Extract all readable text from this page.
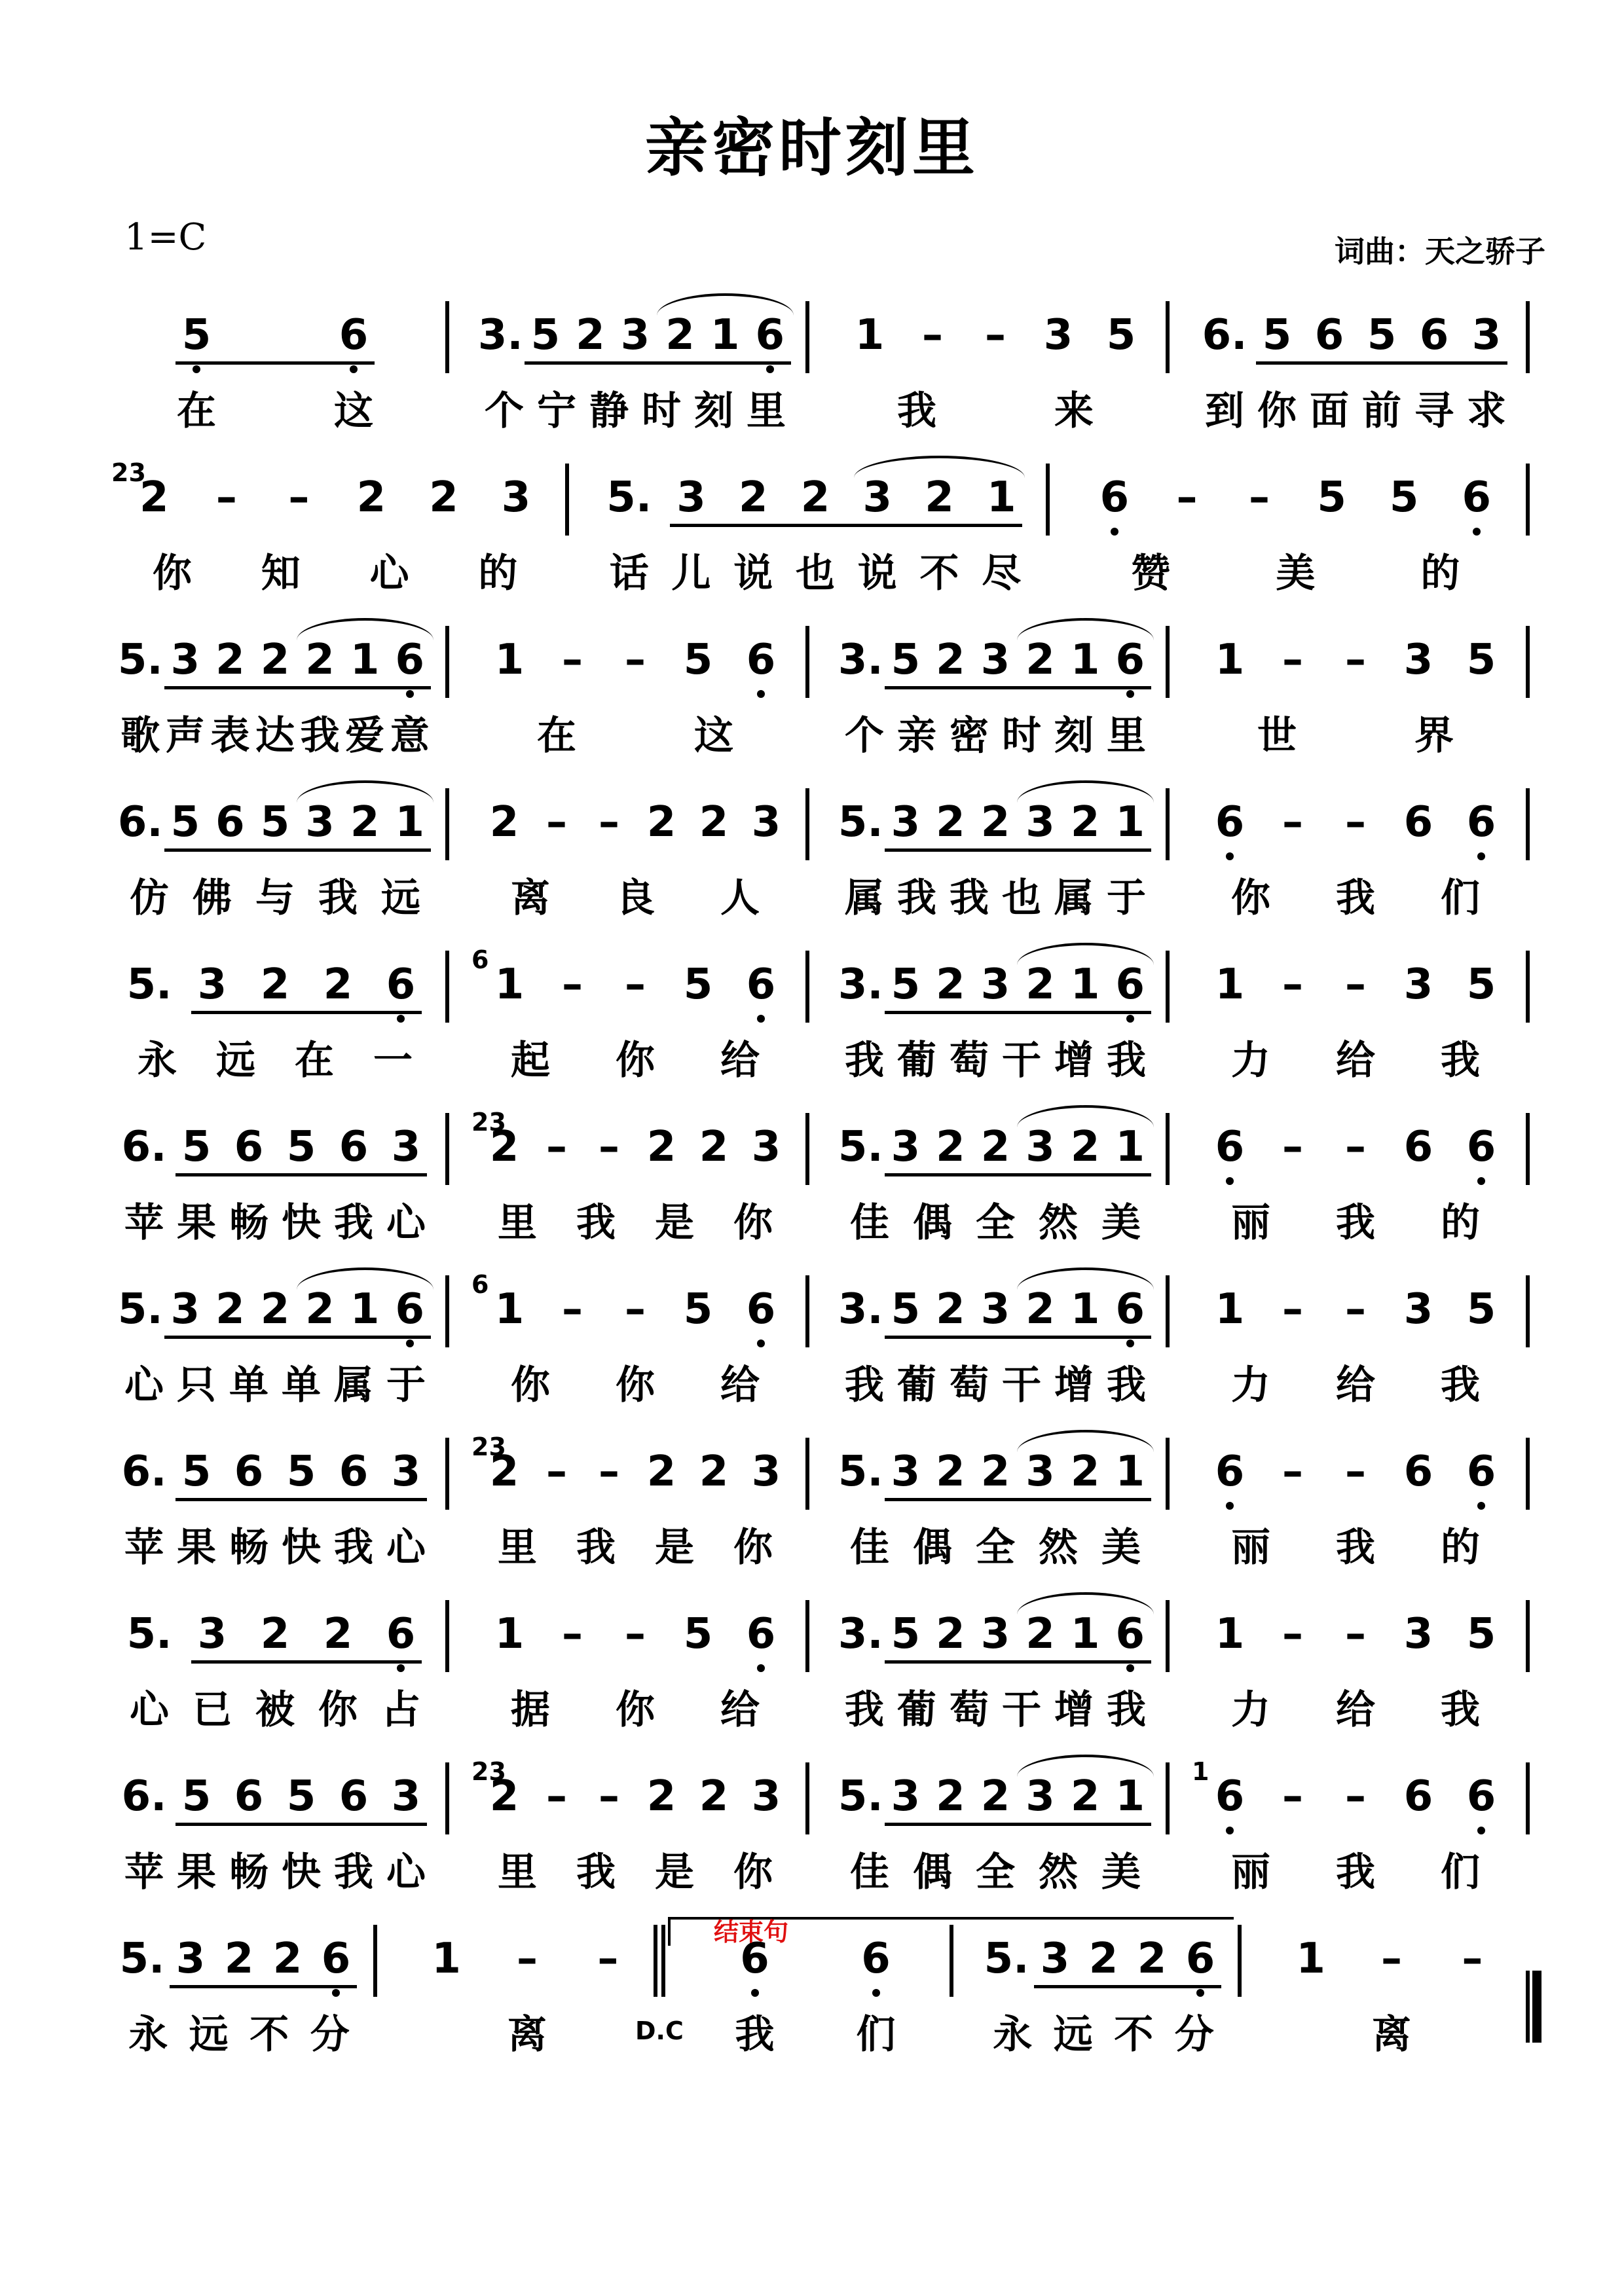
亲密时刻里
1=C	词曲：天之骄子
5	6
在	这
3. 5 2 3 2 1 6
个 宁 静 时 刻 里
1 –	– 3 5
我	来
6. 5 6 5 6 3
到 你 面 前 寻 求
23
2	–	–	2 2 3
你 知 心 的
5. 3 2 2 3 2 1
话 儿 说 也 说 不 尽
6	–	–	5 5 6
赞	美	的
5. 3 2 2 2 1 6
歌 声 表 达 我 爱 意
1 –	– 5 6
在	这
3. 5 2 3 2 1 6
个 亲 密 时 刻 里
1 –	– 3 5
世	界
6. 5 6 5 3 2 1
仿 佛 与 我 远
2 – – 2 2 3
离 良 人
5. 3 2 2 3 2 1
属 我 我 也 属 于
6 –	– 6 6
你 我 们
5. 3 2 2 6
永 远 在 一
6
1 –	– 5 6
起 你 给
3. 5 2 3 2 1 6
我 葡 萄 干 增 我
1 –	– 3 5
力 给 我
6. 5 6 5 6 3
苹 果 畅 快 我 心
23
2 – – 2 2 3
里 我 是 你
5. 3 2 2 3 2 1
佳 偶 全 然 美
6 –	– 6 6
丽 我 的
5. 3 2 2 2 1 6
心 只 单 单 属 于
6
1 –	– 5 6
你 你 给
3. 5 2 3 2 1 6
我 葡 萄 干 增 我
1 –	– 3 5
力 给 我
6. 5 6 5 6 3
苹 果 畅 快 我 心
23
2 – – 2 2 3
里 我 是 你
5. 3 2 2 3 2 1
佳 偶 全 然 美
6 –	– 6 6
丽 我 的
5. 3 2 2 6
心 已 被 你 占
1 –	– 5 6
据 你 给
3. 5 2 3 2 1 6
我 葡 萄 干 增 我
1 –	– 3 5
力 给 我
6. 5 6 5 6 3
苹 果 畅 快 我 心
23
2 – – 2 2 3
里 我 是 你
5. 3 2 2 3 2 1
佳 偶 全 然 美
1
6 –	– 6 6
丽 我 们
5. 3 2 2 6
永 远 不 分
1	–	–
离
6 6
我 们
5. 3 2 2 6
永 远 不 分
1	–	–
离
结束句
D.C
